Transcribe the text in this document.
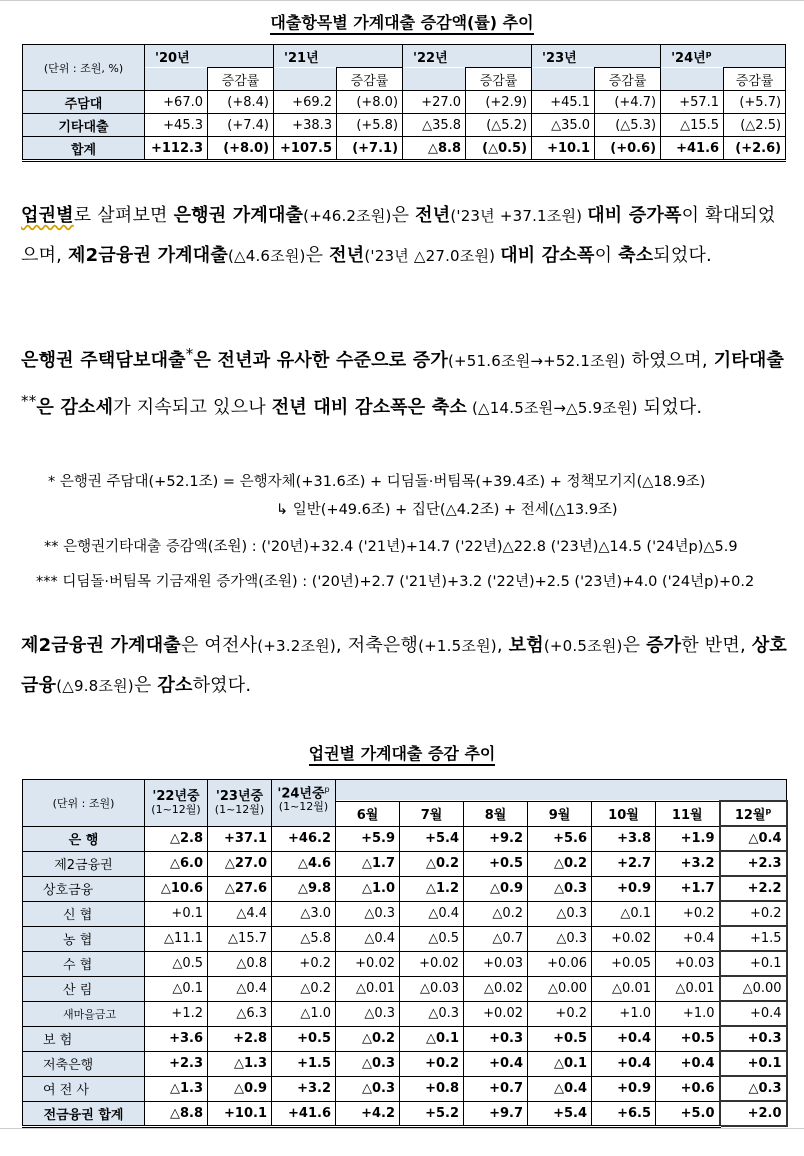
대출항목별 가계대출 증감액(률) 추이
(단위 : 조원, %)	'20년		'21년		'22년		'23년		'24년$^p$
		증감률		증감률		증감률		증감률		증감률
주담대	+67.0	(+8.4)	+69.2	(+8.0)	+27.0	(+2.9)	+45.1	(+4.7)	+57.1	(+5.7)
기타대출	+45.3	(+7.4)	+38.3	(+5.8)	△35.8	(△5.2)	△35.0	(△5.3)	△15.5	(△2.5)
합계	+112.3	(+8.0)	+107.5	(+7.1)	△8.8	(△0.5)	+10.1	(+0.6)	+41.6	(+2.6)
업권별로 살펴보면 은행권 가계대출(+46.2조원)은 전년('23년 +37.1조원) 대비 증가폭이 확대되었으며, 제2금융권 가계대출(△4.6조원)은 전년('23년 △27.0조원) 대비 감소폭이 축소되었다.
은행권 주택담보대출*은 전년과 유사한 수준으로 증가(+51.6조원→+52.1조원) 하였으며, 기타대출**은 감소세가 지속되고 있으나 전년 대비 감소폭은 축소 (△14.5조원→△5.9조원) 되었다.
* 은행권 주담대(+52.1조) = 은행자체(+31.6조) + 디딤돌·버팀목(+39.4조) + 정책모기지(△18.9조)
↳ 일반(+49.6조) + 집단(△4.2조) + 전세(△13.9조)
** 은행권기타대출 증감액(조원) : ('20년)+32.4 ('21년)+14.7 ('22년)△22.8 ('23년)△14.5 ('24년p)△5.9
*** 디딤돌·버팀목 기금재원 증가액(조원) : ('20년)+2.7 ('21년)+3.2 ('22년)+2.5 ('23년)+4.0 ('24년p)+0.2
제2금융권 가계대출은 여전사(+3.2조원), 저축은행(+1.5조원), 보험(+0.5조원)은 증가한 반면, 상호금융(△9.8조원)은 감소하였다.
업권별 가계대출 증감 추이
(단위 : 조원)	'22년중
(1~12월)	'23년중
(1~12월)	'24년중$^p$
(1~12월)							
				6월	7월	8월	9월	10월	11월	12월$^p$
은 행	△2.8	+37.1	+46.2	+5.9	+5.4	+9.2	+5.6	+3.8	+1.9	△0.4
제2금융권	△6.0	△27.0	△4.6	△1.7	△0.2	+0.5	△0.2	+2.7	+3.2	+2.3
상호금융	△10.6	△27.6	△9.8	△1.0	△1.2	△0.9	△0.3	+0.9	+1.7	+2.2
신 협	+0.1	△4.4	△3.0	△0.3	△0.4	△0.2	△0.3	△0.1	+0.2	+0.2
농 협	△11.1	△15.7	△5.8	△0.4	△0.5	△0.7	△0.3	+0.02	+0.4	+1.5
수 협	△0.5	△0.8	+0.2	+0.02	+0.02	+0.03	+0.06	+0.05	+0.03	+0.1
산 림	△0.1	△0.4	△0.2	△0.01	△0.03	△0.02	△0.00	△0.01	△0.01	△0.00
새마을금고	+1.2	△6.3	△1.0	△0.3	△0.3	+0.02	+0.2	+1.0	+1.0	+0.4
보 험	+3.6	+2.8	+0.5	△0.2	△0.1	+0.3	+0.5	+0.4	+0.5	+0.3
저축은행	+2.3	△1.3	+1.5	△0.3	+0.2	+0.4	△0.1	+0.4	+0.4	+0.1
여 전 사	△1.3	△0.9	+3.2	△0.3	+0.8	+0.7	△0.4	+0.9	+0.6	△0.3
전금융권 합계	△8.8	+10.1	+41.6	+4.2	+5.2	+9.7	+5.4	+6.5	+5.0	+2.0
